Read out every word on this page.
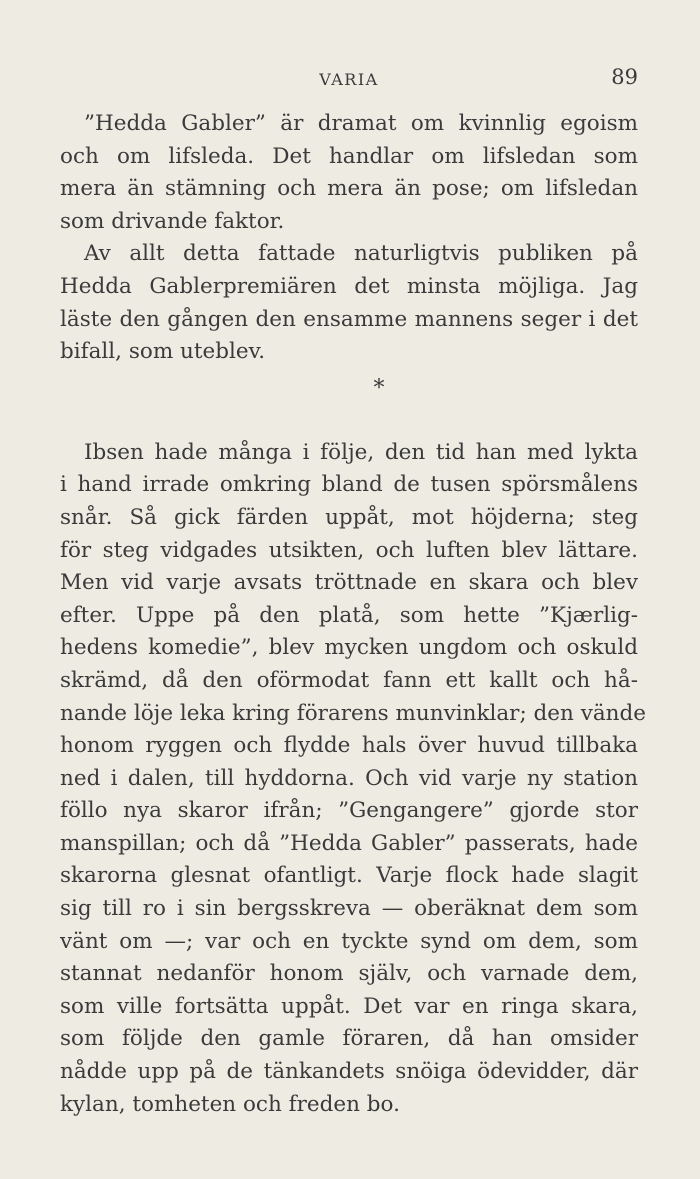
VARIA	89
”Hedda Gabler” är dramat om kvinnlig egoism
och om lifsleda. Det handlar om lifsledan som
mera än stämning och mera än pose; om lifsledan
som drivande faktor.
Av allt detta fattade naturligtvis publiken på
Hedda Gablerpremiären det minsta möjliga. Jag
läste den gången den ensamme mannens seger i det
bifall, som uteblev.
*
Ibsen hade många i följe, den tid han med lykta
i hand irrade omkring bland de tusen spörsmålens
snår. Så gick färden uppåt, mot höjderna; steg
för steg vidgades utsikten, och luften blev lättare.
Men vid varje avsats tröttnade en skara och blev
efter. Uppe på den platå, som hette ”Kjærlig-
hedens komedie”, blev mycken ungdom och oskuld
skrämd, då den oförmodat fann ett kallt och hå-
nande löje leka kring förarens munvinklar; den vände
honom ryggen och flydde hals över huvud tillbaka
ned i dalen, till hyddorna. Och vid varje ny station
föllo nya skaror ifrån; ”Gengangere” gjorde stor
manspillan; och då ”Hedda Gabler” passerats, hade
skarorna glesnat ofantligt. Varje flock hade slagit
sig till ro i sin bergsskreva — oberäknat dem som
vänt om —; var och en tyckte synd om dem, som
stannat nedanför honom själv, och varnade dem,
som ville fortsätta uppåt. Det var en ringa skara,
som följde den gamle föraren, då han omsider
nådde upp på de tänkandets snöiga ödevidder, där
kylan, tomheten och freden bo.
